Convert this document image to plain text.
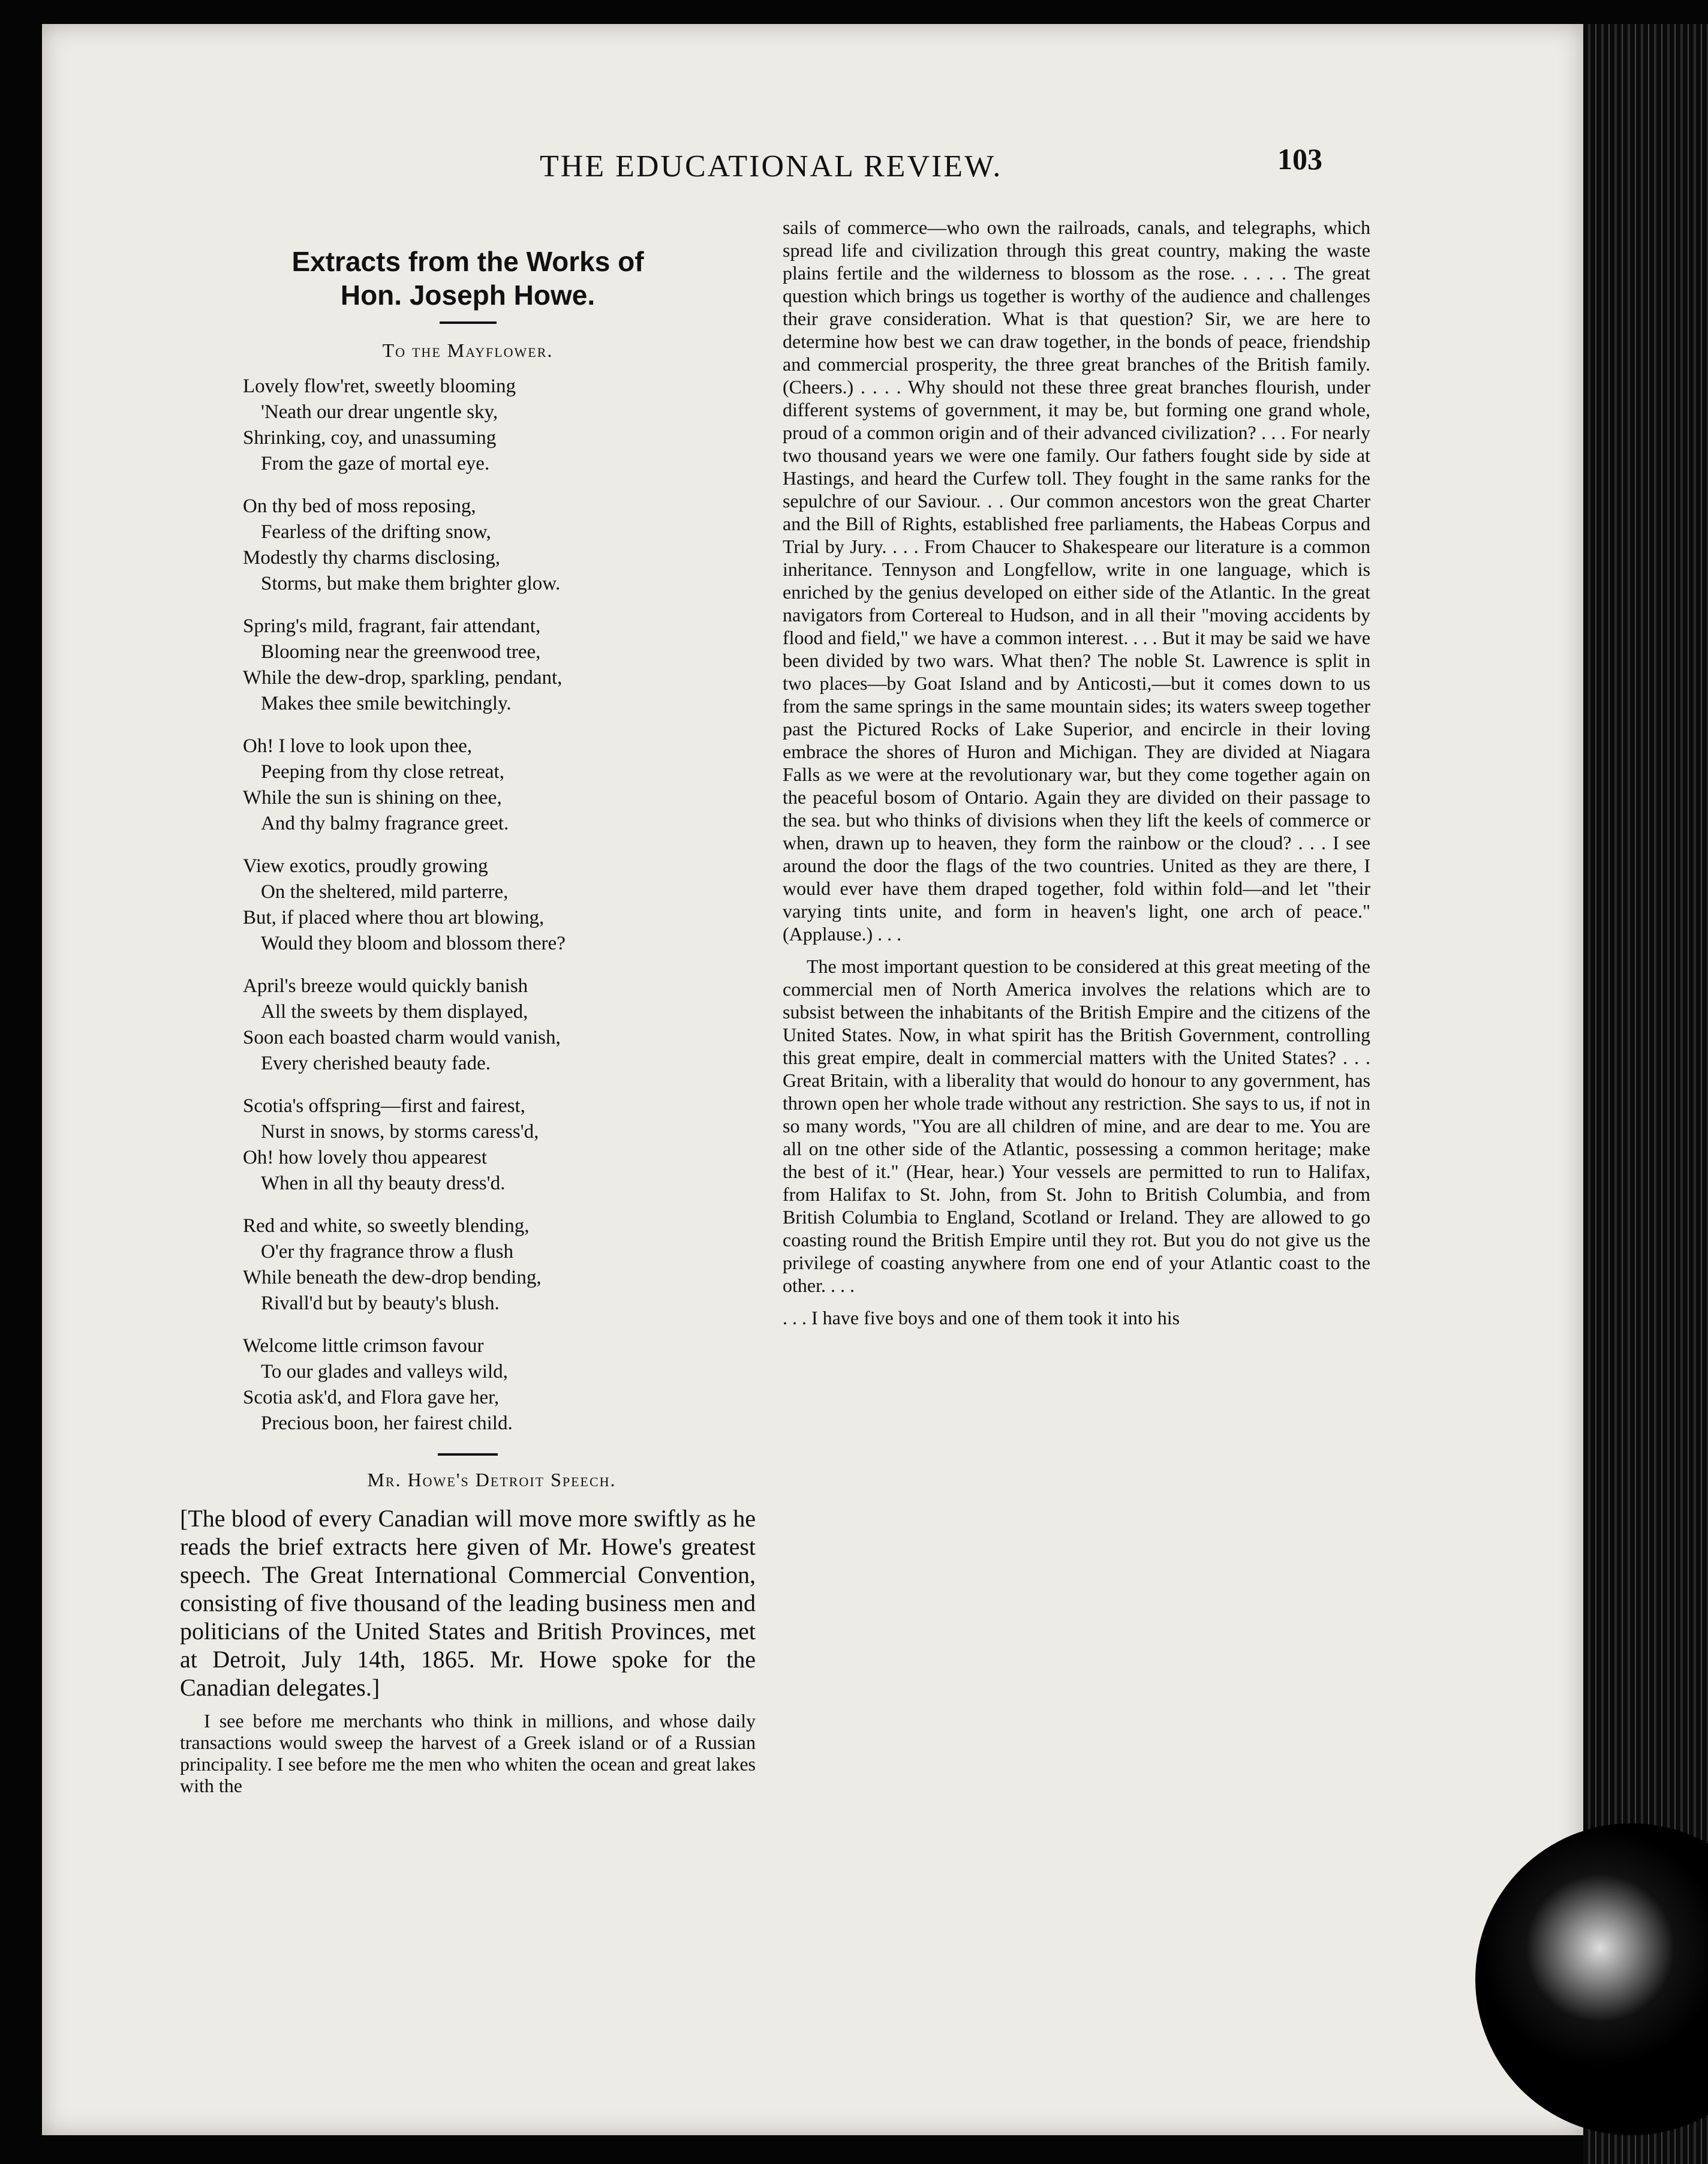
THE EDUCATIONAL REVIEW.	103
Extracts from the Works of
Hon. Joseph Howe.
To the Mayflower.
Lovely flow'ret, sweetly blooming
'Neath our drear ungentle sky,
Shrinking, coy, and unassuming
From the gaze of mortal eye.
On thy bed of moss reposing,
Fearless of the drifting snow,
Modestly thy charms disclosing,
Storms, but make them brighter glow.
Spring's mild, fragrant, fair attendant,
Blooming near the greenwood tree,
While the dew-drop, sparkling, pendant,
Makes thee smile bewitchingly.
Oh! I love to look upon thee,
Peeping from thy close retreat,
While the sun is shining on thee,
And thy balmy fragrance greet.
View exotics, proudly growing
On the sheltered, mild parterre,
But, if placed where thou art blowing,
Would they bloom and blossom there?
April's breeze would quickly banish
All the sweets by them displayed,
Soon each boasted charm would vanish,
Every cherished beauty fade.
Scotia's offspring—first and fairest,
Nurst in snows, by storms caress'd,
Oh! how lovely thou appearest
When in all thy beauty dress'd.
Red and white, so sweetly blending,
O'er thy fragrance throw a flush
While beneath the dew-drop bending,
Rivall'd but by beauty's blush.
Welcome little crimson favour
To our glades and valleys wild,
Scotia ask'd, and Flora gave her,
Precious boon, her fairest child.
Mr. Howe's Detroit Speech.

[The blood of every Canadian will move more swiftly as he reads the brief extracts here given of Mr. Howe's greatest speech. The Great International Commercial Convention, consisting of five thousand of the leading business men and politicians of the United States and British Provinces, met at Detroit, July 14th, 1865. Mr. Howe spoke for the Canadian delegates.]

I see before me merchants who think in millions, and whose daily transactions would sweep the harvest of a Greek island or of a Russian principality. I see before me the men who whiten the ocean and great lakes with the

sails of commerce—who own the railroads, canals, and telegraphs, which spread life and civilization through this great country, making the waste plains fertile and the wilderness to blossom as the rose. . . . . The great question which brings us together is worthy of the audience and challenges their grave consideration. What is that question? Sir, we are here to determine how best we can draw together, in the bonds of peace, friendship and commercial prosperity, the three great branches of the British family. (Cheers.) . . . . Why should not these three great branches flourish, under different systems of government, it may be, but forming one grand whole, proud of a common origin and of their advanced civilization? . . . For nearly two thousand years we were one family. Our fathers fought side by side at Hastings, and heard the Curfew toll. They fought in the same ranks for the sepulchre of our Saviour. . . Our common ancestors won the great Charter and the Bill of Rights, established free parliaments, the Habeas Corpus and Trial by Jury. . . . From Chaucer to Shakespeare our literature is a common inheritance. Tennyson and Longfellow, write in one language, which is enriched by the genius developed on either side of the Atlantic. In the great navigators from Cortereal to Hudson, and in all their "moving accidents by flood and field," we have a common interest. . . . But it may be said we have been divided by two wars. What then? The noble St. Lawrence is split in two places—by Goat Island and by Anticosti,—but it comes down to us from the same springs in the same mountain sides; its waters sweep together past the Pictured Rocks of Lake Superior, and encircle in their loving embrace the shores of Huron and Michigan. They are divided at Niagara Falls as we were at the revolutionary war, but they come together again on the peaceful bosom of Ontario. Again they are divided on their passage to the sea. but who thinks of divisions when they lift the keels of commerce or when, drawn up to heaven, they form the rainbow or the cloud? . . . I see around the door the flags of the two countries. United as they are there, I would ever have them draped together, fold within fold—and let "their varying tints unite, and form in heaven's light, one arch of peace." (Applause.) . . .

The most important question to be considered at this great meeting of the commercial men of North America involves the relations which are to subsist between the inhabitants of the British Empire and the citizens of the United States. Now, in what spirit has the British Government, controlling this great empire, dealt in commercial matters with the United States? . . . Great Britain, with a liberality that would do honour to any government, has thrown open her whole trade without any restriction. She says to us, if not in so many words, "You are all children of mine, and are dear to me. You are all on tne other side of the Atlantic, possessing a common heritage; make the best of it." (Hear, hear.) Your vessels are permitted to run to Halifax, from Halifax to St. John, from St. John to British Columbia, and from British Columbia to England, Scotland or Ireland. They are allowed to go coasting round the British Empire until they rot. But you do not give us the privilege of coasting anywhere from one end of your Atlantic coast to the other. . . .

. . . I have five boys and one of them took it into his
